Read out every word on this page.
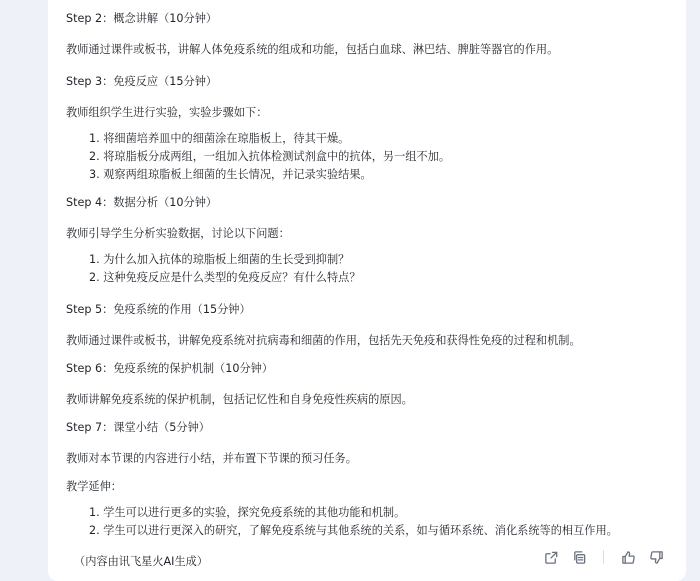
Step 2：概念讲解（10分钟）

教师通过课件或板书，讲解人体免疫系统的组成和功能，包括白血球、淋巴结、脾脏等器官的作用。

Step 3：免疫反应（15分钟）

教师组织学生进行实验，实验步骤如下：

1. 将细菌培养皿中的细菌涂在琼脂板上，待其干燥。
2. 将琼脂板分成两组，一组加入抗体检测试剂盒中的抗体，另一组不加。
3. 观察两组琼脂板上细菌的生长情况，并记录实验结果。

Step 4：数据分析（10分钟）

教师引导学生分析实验数据，讨论以下问题：

1. 为什么加入抗体的琼脂板上细菌的生长受到抑制？
2. 这种免疫反应是什么类型的免疫反应？有什么特点？

Step 5：免疫系统的作用（15分钟）

教师通过课件或板书，讲解免疫系统对抗病毒和细菌的作用，包括先天免疫和获得性免疫的过程和机制。

Step 6：免疫系统的保护机制（10分钟）

教师讲解免疫系统的保护机制，包括记忆性和自身免疫性疾病的原因。

Step 7：课堂小结（5分钟）

教师对本节课的内容进行小结，并布置下节课的预习任务。

教学延伸：

1. 学生可以进行更多的实验，探究免疫系统的其他功能和机制。
2. 学生可以进行更深入的研究，了解免疫系统与其他系统的关系，如与循环系统、消化系统等的相互作用。

（内容由讯飞星火AI生成）
